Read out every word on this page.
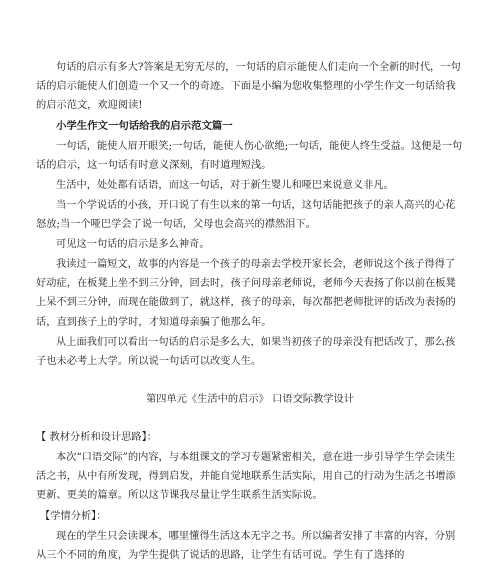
句话的启示有多大?答案是无穷无尽的，一句话的启示能使人们走向一个全新的时代，一句话的启示能使人们创造一个又一个的奇迹。下面是小编为您收集整理的小学生作文一句话给我的启示范文，欢迎阅读!

小学生作文一句话给我的启示范文篇一

一句话，能使人眉开眼笑;一句话，能使人伤心欲绝;一句话，能使人终生受益。这便是一句话的启示，这一句话有时意义深刻，有时道理短浅。

生活中，处处都有话语，而这一句话，对于新生婴儿和哑巴来说意义非凡。

当一个学说话的小孩，开口说了有生以来的第一句话，这句话能把孩子的亲人高兴的心花怒放;当一个哑巴学会了说一句话，父母也会高兴的襟然泪下。

可见这一句话的启示是多么神奇。

我读过一篇短文，故事的内容是一个孩子的母亲去学校开家长会，老师说这个孩子得得了好动症，在板凳上坐不到三分钟，回去时，孩子问母亲老师说，老师今天表扬了你以前在板凳上呆不到三分钟，而现在能做到了，就这样，孩子的母亲，每次都把老师批评的话改为表扬的话，直到孩子上的学时，才知道母亲骗了他那么年。

从上面我们可以看出一句话的启示是多么大，如果当初孩子的母亲没有把话改了，那么孩子也未必考上大学。所以说一句话可以改变人生。

第四单元《生活中的启示》 口语交际教学设计

【 教材分析和设计思路】：

本次“口语交际”的内容，与本组课文的学习专题紧密相关，意在进一步引导学生学会读生活之书，从中有所发现，得到启发，并能自觉地联系生活实际，用自己的行动为生活之书增添更新、更美的篇章。所以这节课我尽量让学生联系生活实际说。

【学情分析】：

现在的学生只会读课本，哪里懂得生活这本无字之书。所以编者安排了丰富的内容，分别从三个不同的角度，为学生提供了说话的思路，让学生有话可说。学生有了选择的
